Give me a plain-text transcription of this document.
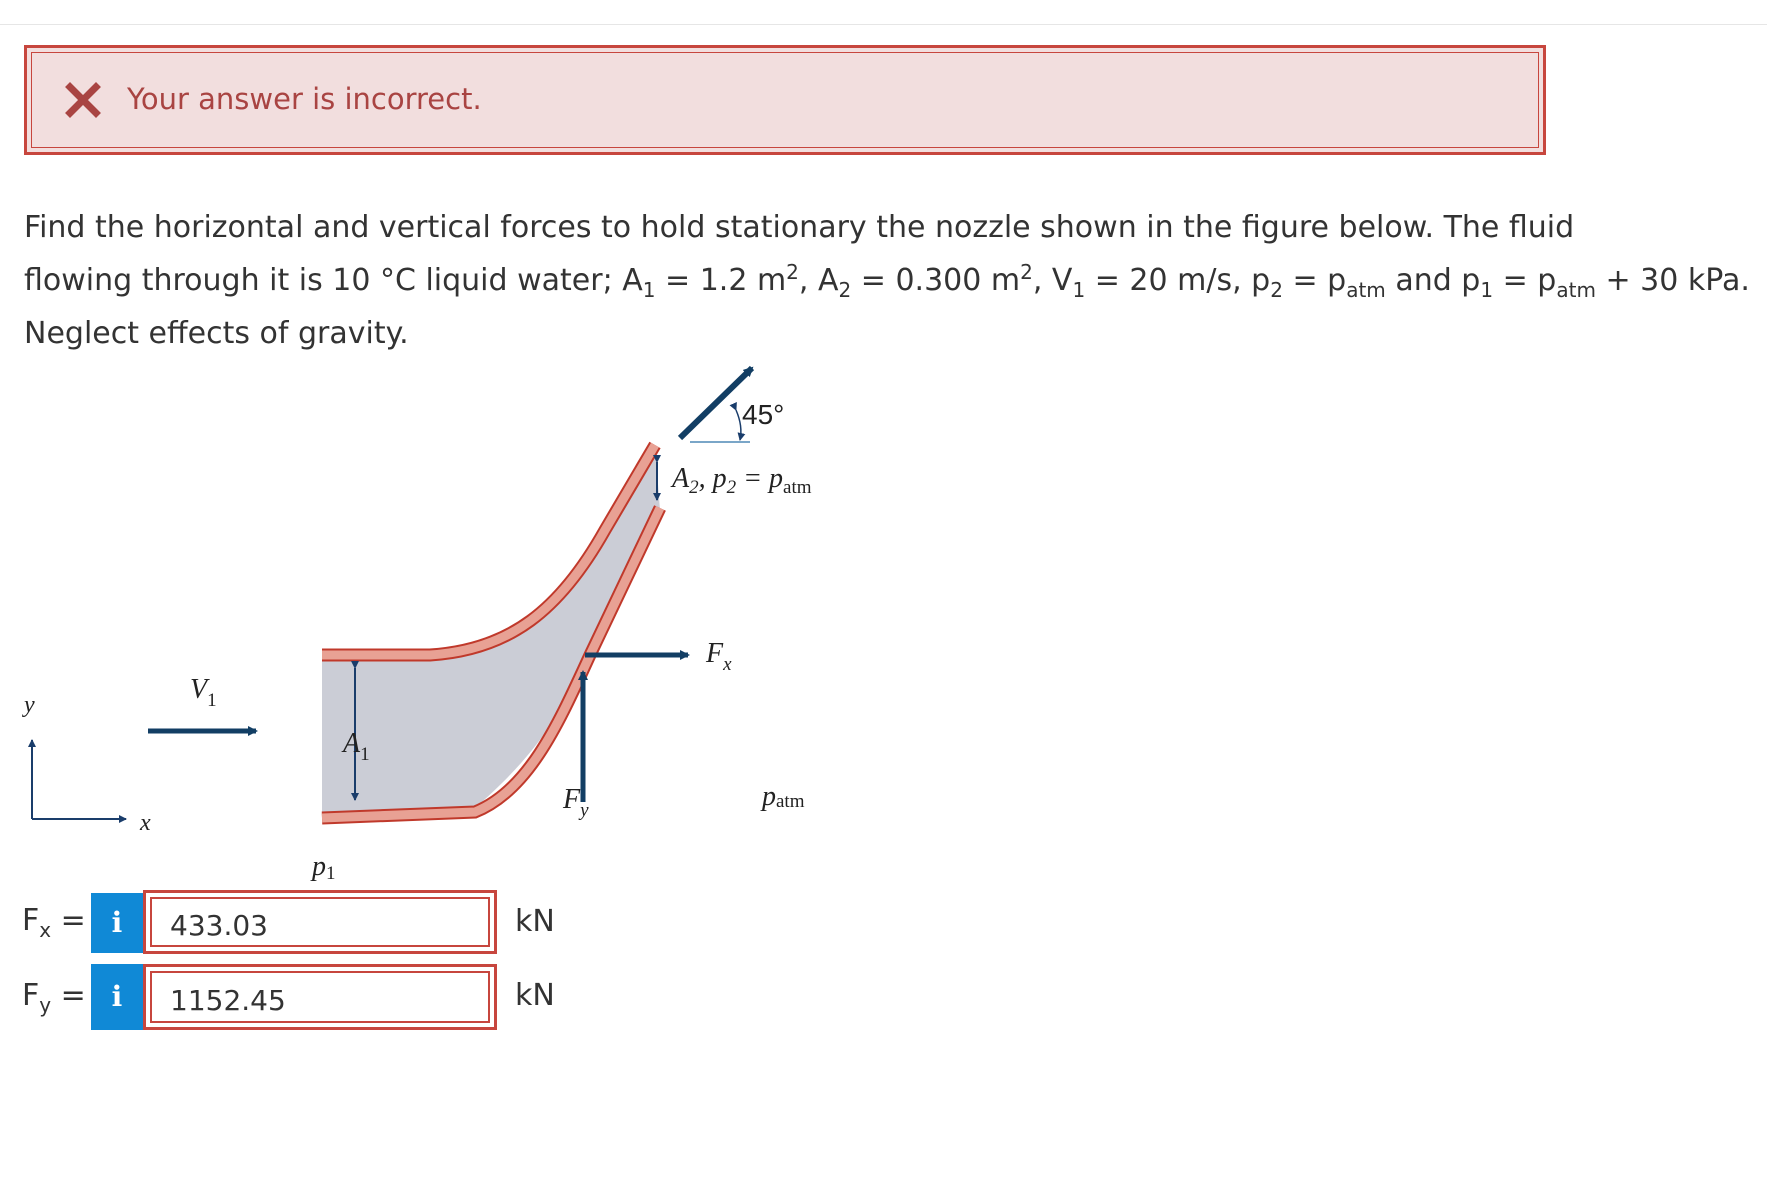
Your answer is incorrect.
Find the horizontal and vertical forces to hold stationary the nozzle shown in the figure below. The fluid
flowing through it is 10 °C liquid water; $A_1 = 1.2$ $m^2$, $A_2 = 0.300$ $m^2$, $V_1 = 20$ m/s, $p_2 = p_{atm}$ and $p_1 = p_{atm} + 30$ kPa.
Neglect effects of gravity.
45°
$A_2$, $p_2 = p_{atm}$
$F_x$
$F_y$
$V_1$
$A_1$
patm
p1
x
y
$F_x = i$	433.03	kN
$F_y = i$	1152.45	kN
